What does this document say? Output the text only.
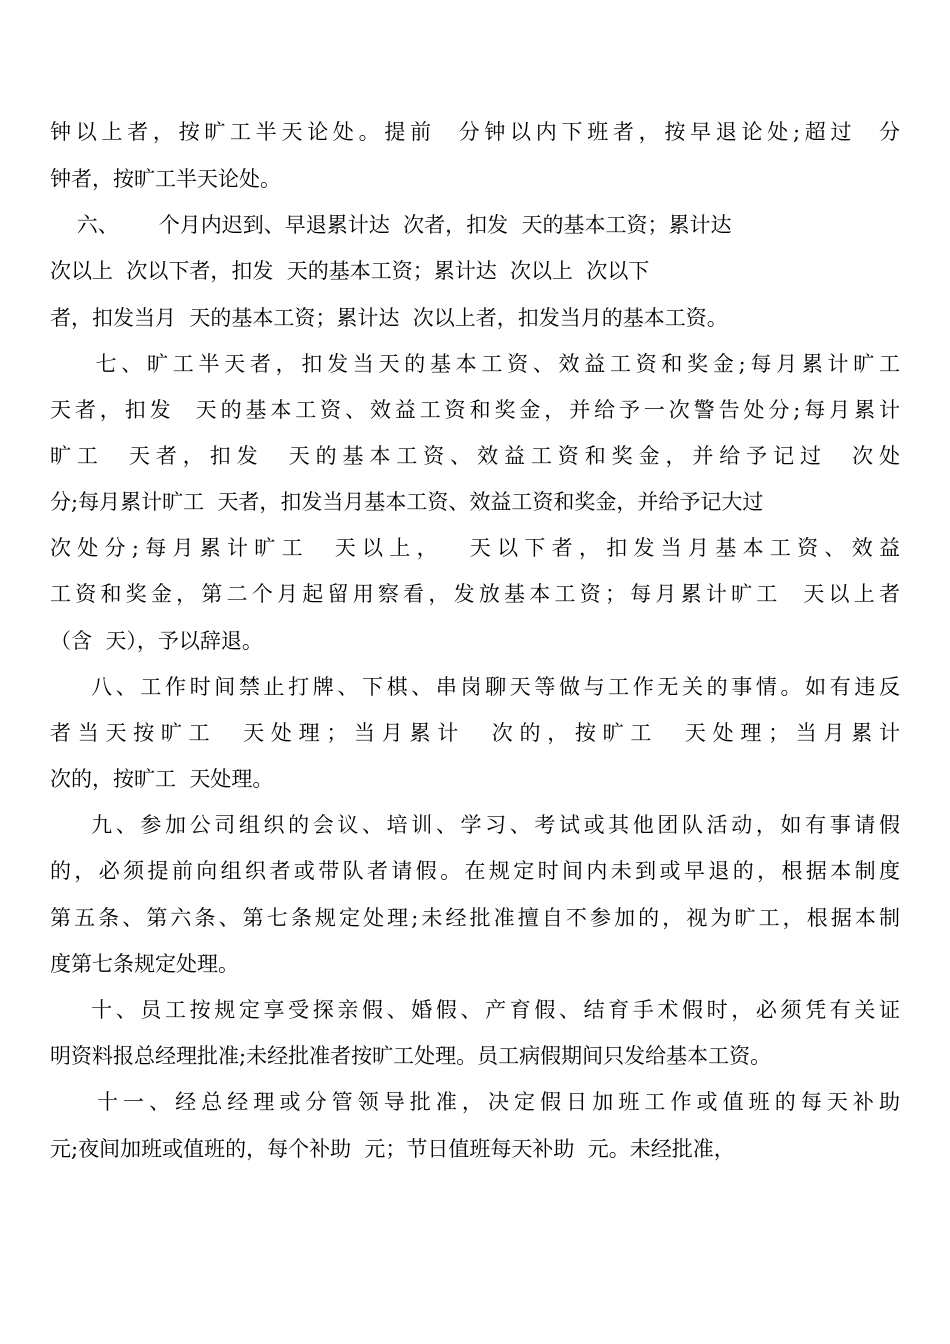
钟以上者，按旷工半天论处。提前  分钟以内下班者，按早退论处;超过  分

钟者，按旷工半天论处。

六、      个月内迟到、早退累计达  次者，扣发  天的基本工资；累计达

次以上  次以下者，扣发  天的基本工资；累计达  次以上  次以下

者，扣发当月  天的基本工资；累计达  次以上者，扣发当月的基本工资。

七、旷工半天者，扣发当天的基本工资、效益工资和奖金;每月累计旷工

天者，扣发  天的基本工资、效益工资和奖金，并给予一次警告处分;每月累计

旷工  天者，扣发  天的基本工资、效益工资和奖金，并给予记过  次处

分;每月累计旷工  天者，扣发当月基本工资、效益工资和奖金，并给予记大过

次处分;每月累计旷工  天以上，  天以下者，扣发当月基本工资、效益

工资和奖金，第二个月起留用察看，发放基本工资；每月累计旷工  天以上者

（含  天），予以辞退。

八、工作时间禁止打牌、下棋、串岗聊天等做与工作无关的事情。如有违反

者当天按旷工  天处理；当月累计  次的，按旷工  天处理；当月累计

次的，按旷工  天处理。

九、参加公司组织的会议、培训、学习、考试或其他团队活动，如有事请假

的，必须提前向组织者或带队者请假。在规定时间内未到或早退的，根据本制度

第五条、第六条、第七条规定处理;未经批准擅自不参加的，视为旷工，根据本制

度第七条规定处理。

十、员工按规定享受探亲假、婚假、产育假、结育手术假时，必须凭有关证

明资料报总经理批准;未经批准者按旷工处理。员工病假期间只发给基本工资。

十一、经总经理或分管领导批准，决定假日加班工作或值班的每天补助

元;夜间加班或值班的，每个补助  元；节日值班每天补助  元。未经批准，
